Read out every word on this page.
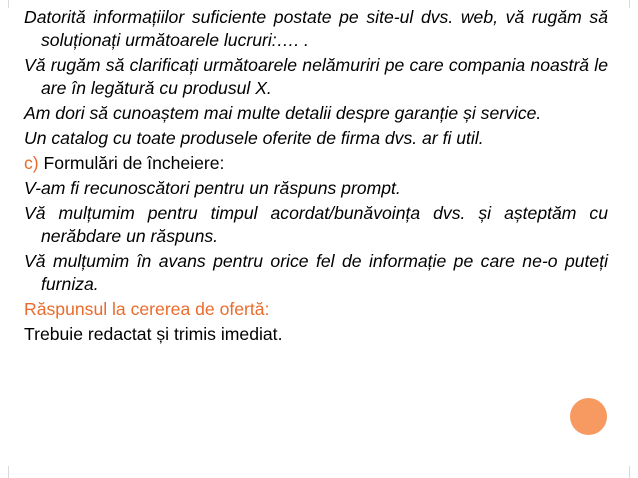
Datorită informațiilor suficiente postate pe site-ul dvs. web, vă rugăm să soluționați următoarele lucruri:…. .

Vă rugăm să clarificați următoarele nelămuriri pe care compania noastră le are în legătură cu produsul X.

Am dori să cunoaștem mai multe detalii despre garanție și service.

Un catalog cu toate produsele oferite de firma dvs. ar fi util.

c) Formulări de încheiere:

V-am fi recunoscători pentru un răspuns prompt.

Vă mulțumim pentru timpul acordat/bunăvoința dvs. și așteptăm cu nerăbdare un răspuns.

Vă mulțumim în avans pentru orice fel de informație pe care ne-o puteți furniza.

Răspunsul la cererea de ofertă:

Trebuie redactat și trimis imediat.
